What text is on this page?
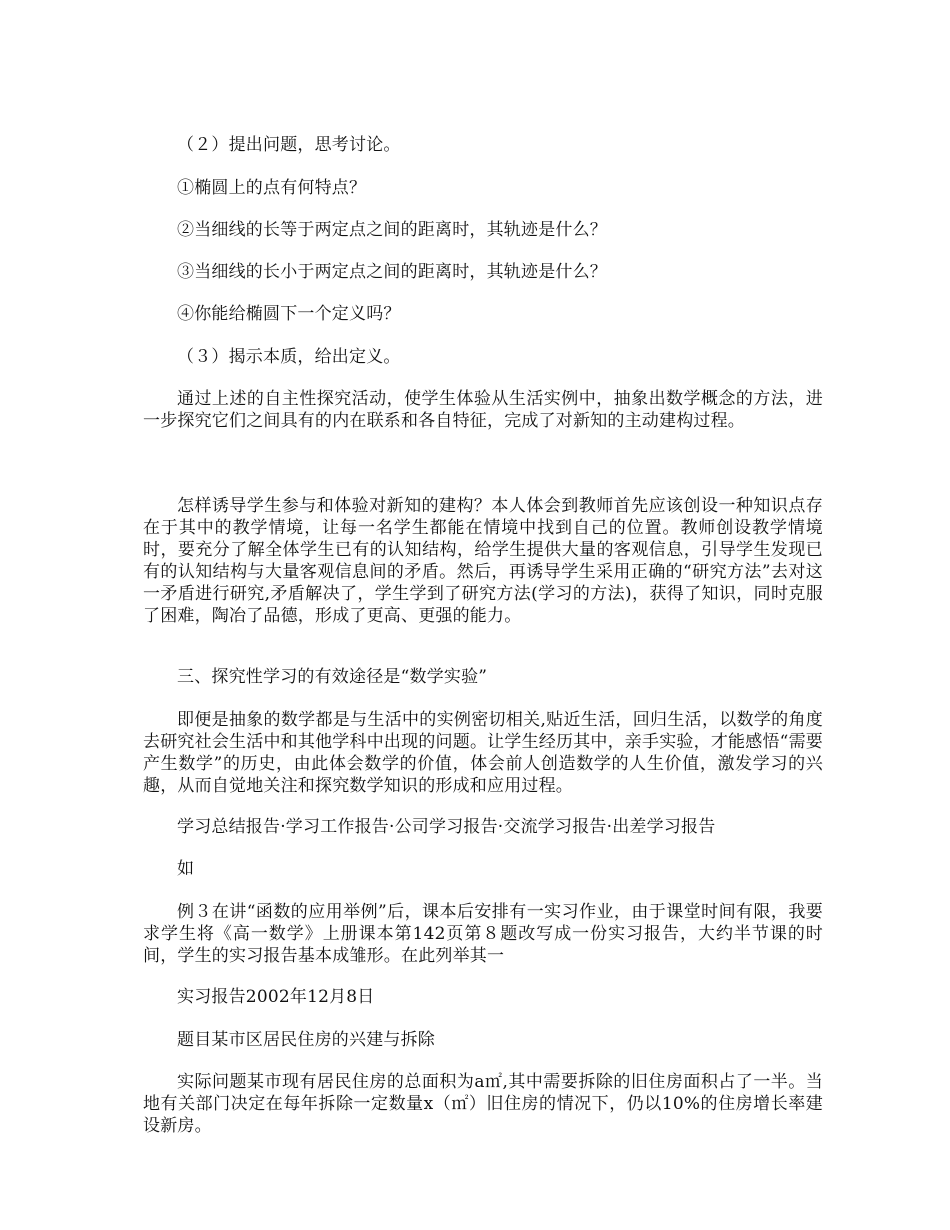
（２）提出问题，思考讨论。

①椭圆上的点有何特点？

②当细线的长等于两定点之间的距离时，其轨迹是什么？

③当细线的长小于两定点之间的距离时，其轨迹是什么？

④你能给椭圆下一个定义吗？

（３）揭示本质，给出定义。

通过上述的自主性探究活动，使学生体验从生活实例中，抽象出数学概念的方法，进一步探究它们之间具有的内在联系和各自特征，完成了对新知的主动建构过程。

怎样诱导学生参与和体验对新知的建构？本人体会到教师首先应该创设一种知识点存在于其中的教学情境，让每一名学生都能在情境中找到自己的位置。教师创设教学情境时，要充分了解全体学生已有的认知结构，给学生提供大量的客观信息，引导学生发现已有的认知结构与大量客观信息间的矛盾。然后，再诱导学生采用正确的“研究方法”去对这一矛盾进行研究,矛盾解决了，学生学到了研究方法(学习的方法)，获得了知识，同时克服了困难，陶冶了品德，形成了更高、更强的能力。

三、探究性学习的有效途径是“数学实验”

即便是抽象的数学都是与生活中的实例密切相关,贴近生活，回归生活，以数学的角度去研究社会生活中和其他学科中出现的问题。让学生经历其中，亲手实验，才能感悟“需要产生数学”的历史，由此体会数学的价值，体会前人创造数学的人生价值，激发学习的兴趣，从而自觉地关注和探究数学知识的形成和应用过程。

学习总结报告·学习工作报告·公司学习报告·交流学习报告·出差学习报告

如

例３在讲“函数的应用举例”后，课本后安排有一实习作业，由于课堂时间有限，我要求学生将《高一数学》上册课本第142页第８题改写成一份实习报告，大约半节课的时间，学生的实习报告基本成雏形。在此列举其一

实习报告2002年12月8日

题目某市区居民住房的兴建与拆除

实际问题某市现有居民住房的总面积为a㎡,其中需要拆除的旧住房面积占了一半。当地有关部门决定在每年拆除一定数量x（㎡）旧住房的情况下，仍以10%的住房增长率建设新房。
